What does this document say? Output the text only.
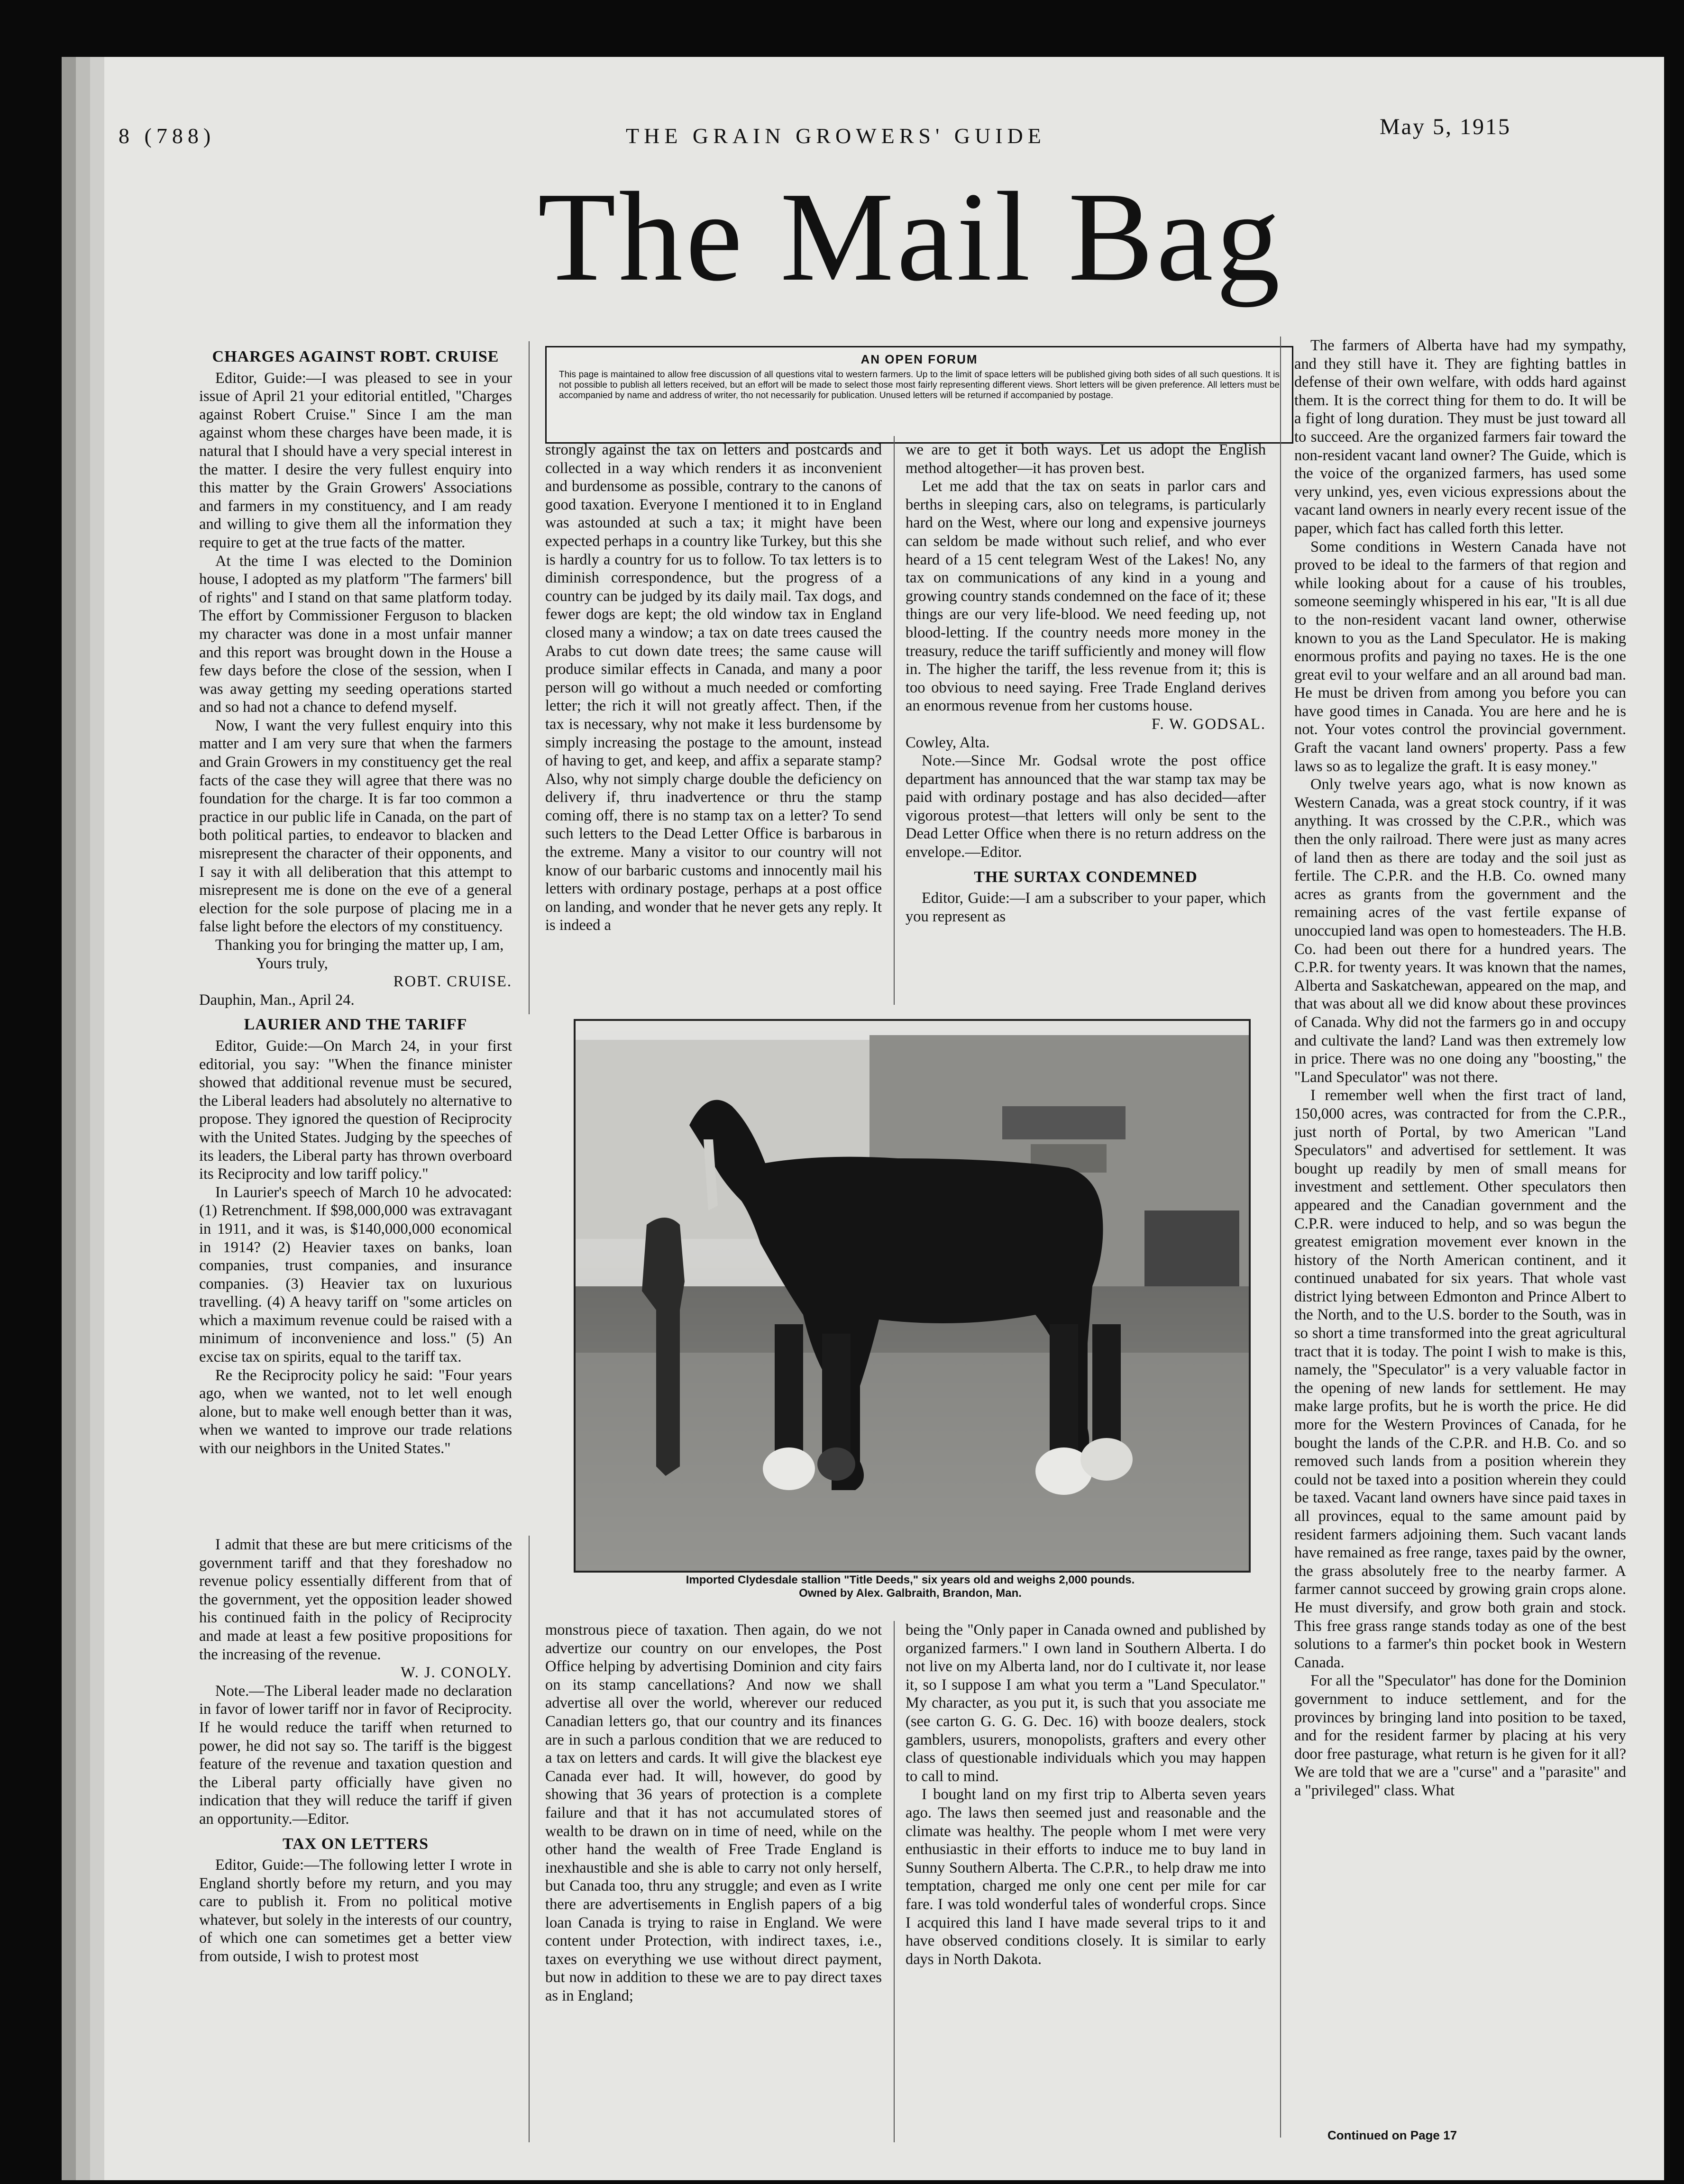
8 (788)	THE GRAIN GROWERS' GUIDE	May 5, 1915
The Mail Bag
AN OPEN FORUM
This page is maintained to allow free discussion of all questions vital to western farmers. Up to the limit of space letters will be published giving both sides of all such questions. It is not possible to publish all letters received, but an effort will be made to select those most fairly representing different views. Short letters will be given preference. All letters must be accompanied by name and address of writer, tho not necessarily for publication. Unused letters will be returned if accompanied by postage.
CHARGES AGAINST ROBT. CRUISE

Editor, Guide:—I was pleased to see in your issue of April 21 your editorial entitled, "Charges against Robert Cruise." Since I am the man against whom these charges have been made, it is natural that I should have a very special interest in the matter. I desire the very fullest enquiry into this matter by the Grain Growers' Associations and farmers in my constituency, and I am ready and willing to give them all the information they require to get at the true facts of the matter.

At the time I was elected to the Dominion house, I adopted as my platform "The farmers' bill of rights" and I stand on that same platform today. The effort by Commissioner Ferguson to blacken my character was done in a most unfair manner and this report was brought down in the House a few days before the close of the session, when I was away getting my seeding operations started and so had not a chance to defend myself.

Now, I want the very fullest enquiry into this matter and I am very sure that when the farmers and Grain Growers in my constituency get the real facts of the case they will agree that there was no foundation for the charge. It is far too common a practice in our public life in Canada, on the part of both political parties, to endeavor to blacken and misrepresent the character of their opponents, and I say it with all deliberation that this attempt to misrepresent me is done on the eve of a general election for the sole purpose of placing me in a false light before the electors of my constituency.

Thanking you for bringing the matter up, I am,

Yours truly,

ROBT. CRUISE.

Dauphin, Man., April 24.

LAURIER AND THE TARIFF

Editor, Guide:—On March 24, in your first editorial, you say: "When the finance minister showed that additional revenue must be secured, the Liberal leaders had absolutely no alternative to propose. They ignored the question of Reciprocity with the United States. Judging by the speeches of its leaders, the Liberal party has thrown overboard its Reciprocity and low tariff policy."

In Laurier's speech of March 10 he advocated: (1) Retrenchment. If $98,000,000 was extravagant in 1911, and it was, is $140,000,000 economical in 1914? (2) Heavier taxes on banks, loan companies, trust companies, and insurance companies. (3) Heavier tax on luxurious travelling. (4) A heavy tariff on "some articles on which a maximum revenue could be raised with a minimum of inconvenience and loss." (5) An excise tax on spirits, equal to the tariff tax.

Re the Reciprocity policy he said: "Four years ago, when we wanted, not to let well enough alone, but to make well enough better than it was, when we wanted to improve our trade relations with our neighbors in the United States."

strongly against the tax on letters and postcards and collected in a way which renders it as inconvenient and burdensome as possible, contrary to the canons of good taxation. Everyone I mentioned it to in England was astounded at such a tax; it might have been expected perhaps in a country like Turkey, but this she is hardly a country for us to follow. To tax letters is to diminish correspondence, but the progress of a country can be judged by its daily mail. Tax dogs, and fewer dogs are kept; the old window tax in England closed many a window; a tax on date trees caused the Arabs to cut down date trees; the same cause will produce similar effects in Canada, and many a poor person will go without a much needed or comforting letter; the rich it will not greatly affect. Then, if the tax is necessary, why not make it less burdensome by simply increasing the postage to the amount, instead of having to get, and keep, and affix a separate stamp? Also, why not simply charge double the deficiency on delivery if, thru inadvertence or thru the stamp coming off, there is no stamp tax on a letter? To send such letters to the Dead Letter Office is barbarous in the extreme. Many a visitor to our country will not know of our barbaric customs and innocently mail his letters with ordinary postage, perhaps at a post office on landing, and wonder that he never gets any reply. It is indeed a

we are to get it both ways. Let us adopt the English method altogether—it has proven best.

Let me add that the tax on seats in parlor cars and berths in sleeping cars, also on telegrams, is particularly hard on the West, where our long and expensive journeys can seldom be made without such relief, and who ever heard of a 15 cent telegram West of the Lakes! No, any tax on communications of any kind in a young and growing country stands condemned on the face of it; these things are our very life-blood. We need feeding up, not blood-letting. If the country needs more money in the treasury, reduce the tariff sufficiently and money will flow in. The higher the tariff, the less revenue from it; this is too obvious to need saying. Free Trade England derives an enormous revenue from her customs house.

F. W. GODSAL.

Cowley, Alta.

Note.—Since Mr. Godsal wrote the post office department has announced that the war stamp tax may be paid with ordinary postage and has also decided—after vigorous protest—that letters will only be sent to the Dead Letter Office when there is no return address on the envelope.—Editor.

THE SURTAX CONDEMNED

Editor, Guide:—I am a subscriber to your paper, which you represent as

Imported Clydesdale stallion "Title Deeds," six years old and weighs 2,000 pounds.
Owned by Alex. Galbraith, Brandon, Man.

I admit that these are but mere criticisms of the government tariff and that they foreshadow no revenue policy essentially different from that of the government, yet the opposition leader showed his continued faith in the policy of Reciprocity and made at least a few positive propositions for the increasing of the revenue.

W. J. CONOLY.

Note.—The Liberal leader made no declaration in favor of lower tariff nor in favor of Reciprocity. If he would reduce the tariff when returned to power, he did not say so. The tariff is the biggest feature of the revenue and taxation question and the Liberal party officially have given no indication that they will reduce the tariff if given an opportunity.—Editor.

TAX ON LETTERS

Editor, Guide:—The following letter I wrote in England shortly before my return, and you may care to publish it. From no political motive whatever, but solely in the interests of our country, of which one can sometimes get a better view from outside, I wish to protest most

monstrous piece of taxation. Then again, do we not advertize our country on our envelopes, the Post Office helping by advertising Dominion and city fairs on its stamp cancellations? And now we shall advertise all over the world, wherever our reduced Canadian letters go, that our country and its finances are in such a parlous condition that we are reduced to a tax on letters and cards. It will give the blackest eye Canada ever had. It will, however, do good by showing that 36 years of protection is a complete failure and that it has not accumulated stores of wealth to be drawn on in time of need, while on the other hand the wealth of Free Trade England is inexhaustible and she is able to carry not only herself, but Canada too, thru any struggle; and even as I write there are advertisements in English papers of a big loan Canada is trying to raise in England. We were content under Protection, with indirect taxes, i.e., taxes on everything we use without direct payment, but now in addition to these we are to pay direct taxes as in England;

being the "Only paper in Canada owned and published by organized farmers." I own land in Southern Alberta. I do not live on my Alberta land, nor do I cultivate it, nor lease it, so I suppose I am what you term a "Land Speculator." My character, as you put it, is such that you associate me (see carton G. G. G. Dec. 16) with booze dealers, stock gamblers, usurers, monopolists, grafters and every other class of questionable individuals which you may happen to call to mind.

I bought land on my first trip to Alberta seven years ago. The laws then seemed just and reasonable and the climate was healthy. The people whom I met were very enthusiastic in their efforts to induce me to buy land in Sunny Southern Alberta. The C.P.R., to help draw me into temptation, charged me only one cent per mile for car fare. I was told wonderful tales of wonderful crops. Since I acquired this land I have made several trips to it and have observed conditions closely. It is similar to early days in North Dakota.

The farmers of Alberta have had my sympathy, and they still have it. They are fighting battles in defense of their own welfare, with odds hard against them. It is the correct thing for them to do. It will be a fight of long duration. They must be just toward all to succeed. Are the organized farmers fair toward the non-resident vacant land owner? The Guide, which is the voice of the organized farmers, has used some very unkind, yes, even vicious expressions about the vacant land owners in nearly every recent issue of the paper, which fact has called forth this letter.

Some conditions in Western Canada have not proved to be ideal to the farmers of that region and while looking about for a cause of his troubles, someone seemingly whispered in his ear, "It is all due to the non-resident vacant land owner, otherwise known to you as the Land Speculator. He is making enormous profits and paying no taxes. He is the one great evil to your welfare and an all around bad man. He must be driven from among you before you can have good times in Canada. You are here and he is not. Your votes control the provincial government. Graft the vacant land owners' property. Pass a few laws so as to legalize the graft. It is easy money."

Only twelve years ago, what is now known as Western Canada, was a great stock country, if it was anything. It was crossed by the C.P.R., which was then the only railroad. There were just as many acres of land then as there are today and the soil just as fertile. The C.P.R. and the H.B. Co. owned many acres as grants from the government and the remaining acres of the vast fertile expanse of unoccupied land was open to homesteaders. The H.B. Co. had been out there for a hundred years. The C.P.R. for twenty years. It was known that the names, Alberta and Saskatchewan, appeared on the map, and that was about all we did know about these provinces of Canada. Why did not the farmers go in and occupy and cultivate the land? Land was then extremely low in price. There was no one doing any "boosting," the "Land Speculator" was not there.

I remember well when the first tract of land, 150,000 acres, was contracted for from the C.P.R., just north of Portal, by two American "Land Speculators" and advertised for settlement. It was bought up readily by men of small means for investment and settlement. Other speculators then appeared and the Canadian government and the C.P.R. were induced to help, and so was begun the greatest emigration movement ever known in the history of the North American continent, and it continued unabated for six years. That whole vast district lying between Edmonton and Prince Albert to the North, and to the U.S. border to the South, was in so short a time transformed into the great agricultural tract that it is today. The point I wish to make is this, namely, the "Speculator" is a very valuable factor in the opening of new lands for settlement. He may make large profits, but he is worth the price. He did more for the Western Provinces of Canada, for he bought the lands of the C.P.R. and H.B. Co. and so removed such lands from a position wherein they could not be taxed into a position wherein they could be taxed. Vacant land owners have since paid taxes in all provinces, equal to the same amount paid by resident farmers adjoining them. Such vacant lands have remained as free range, taxes paid by the owner, the grass absolutely free to the nearby farmer. A farmer cannot succeed by growing grain crops alone. He must diversify, and grow both grain and stock. This free grass range stands today as one of the best solutions to a farmer's thin pocket book in Western Canada.

For all the "Speculator" has done for the Dominion government to induce settlement, and for the provinces by bringing land into position to be taxed, and for the resident farmer by placing at his very door free pasturage, what return is he given for it all? We are told that we are a "curse" and a "parasite" and a "privileged" class. What

Continued on Page 17
